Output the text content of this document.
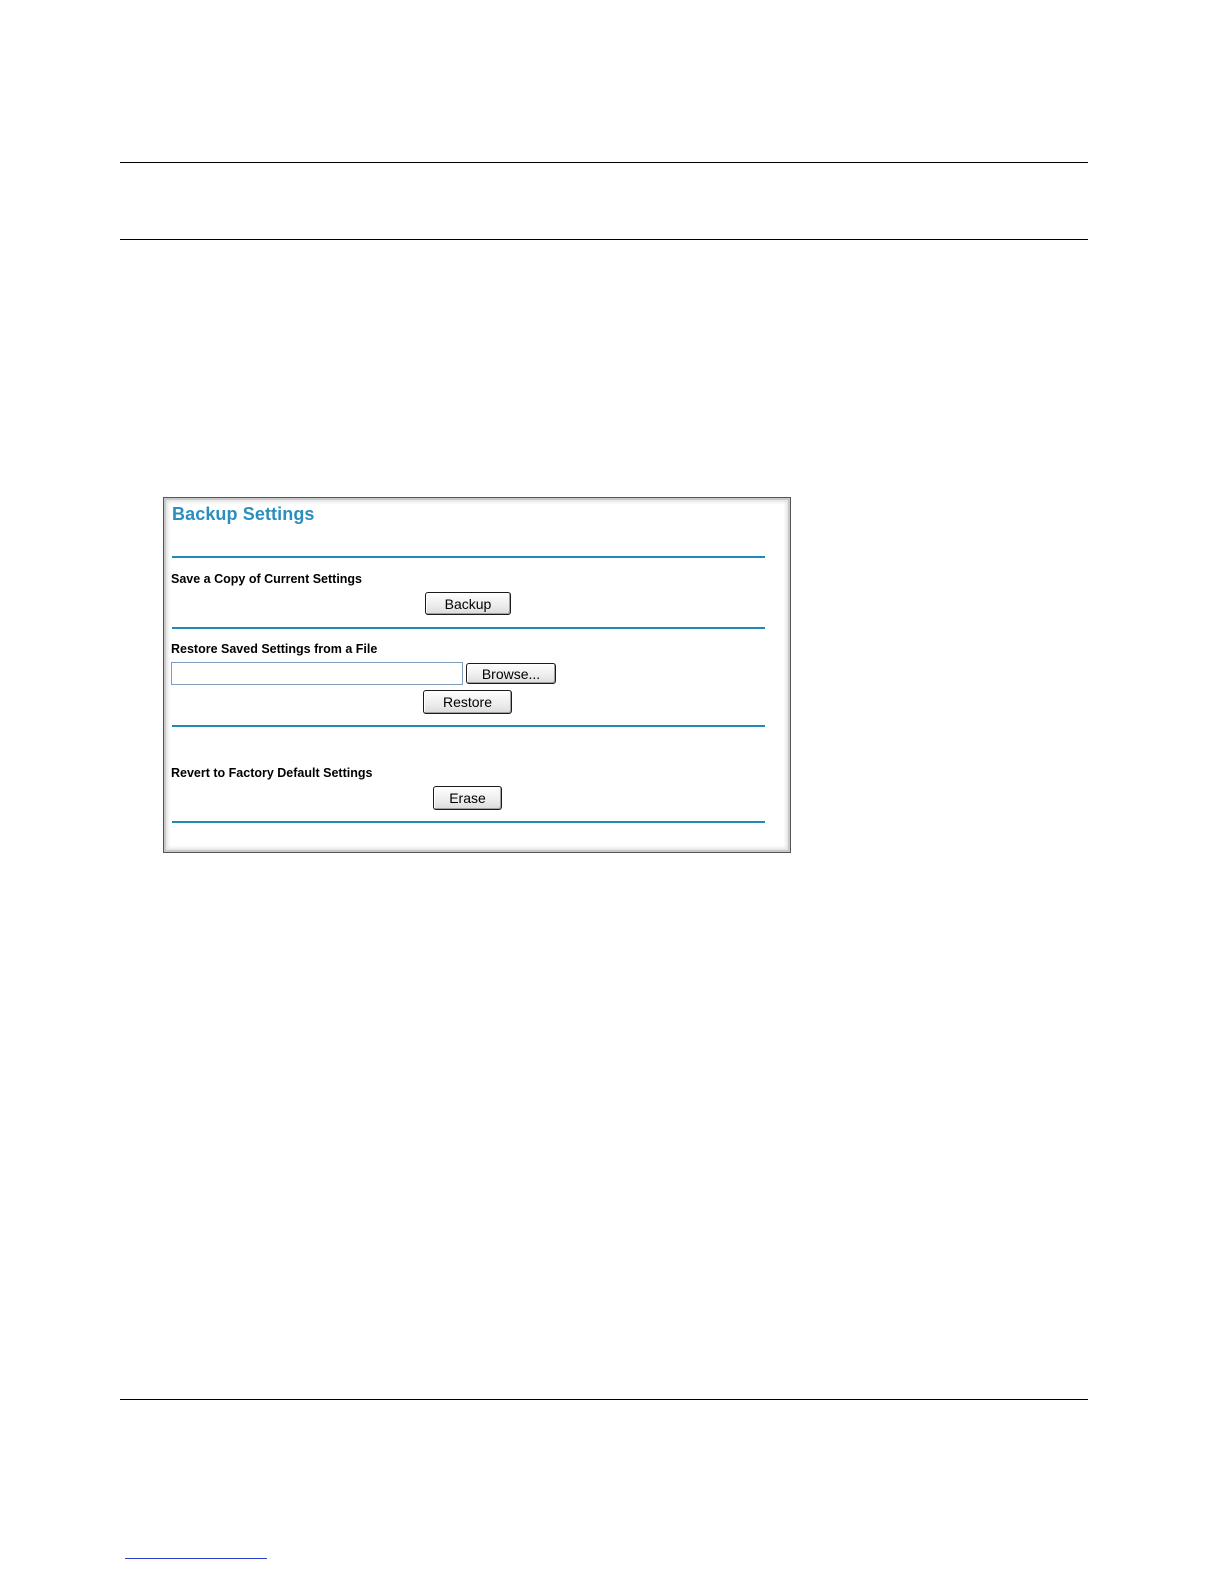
Backup Settings
Save a Copy of Current Settings
Backup
Restore Saved Settings from a File
Browse...
Restore
Revert to Factory Default Settings
Erase
